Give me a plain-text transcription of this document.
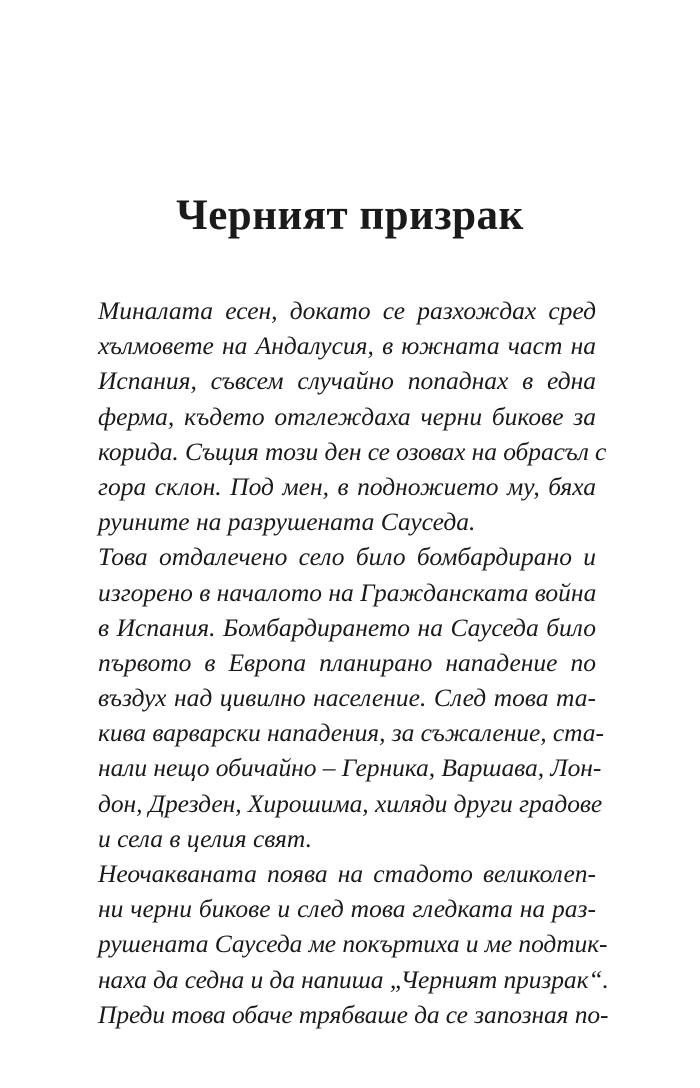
Черният призрак

Миналата есен, докато се разхождах сред
хълмовете на Андалусия, в южната част на
Испания, съвсем случайно попаднах в една
ферма, където отглеждаха черни бикове за
корида. Същия този ден се озовах на обрасъл с
гора склон. Под мен, в подножието му, бяха
руините на разрушената Сауседа.

Това отдалечено село било бомбардирано и
изгорено в началото на Гражданската война
в Испания. Бомбардирането на Сауседа било
първото в Европа планирано нападение по
въздух над цивилно население. След това та-
кива варварски нападения, за съжаление, ста-
нали нещо обичайно – Герника, Варшава, Лон-
дон, Дрезден, Хирошима, хиляди други градове
и села в целия свят.

Неочакваната поява на стадото великолеп-
ни черни бикове и след това гледката на раз-
рушената Сауседа ме покъртиха и ме подтик-
наха да седна и да напиша „Черният призрак“.
Преди това обаче трябваше да се запозная по-
